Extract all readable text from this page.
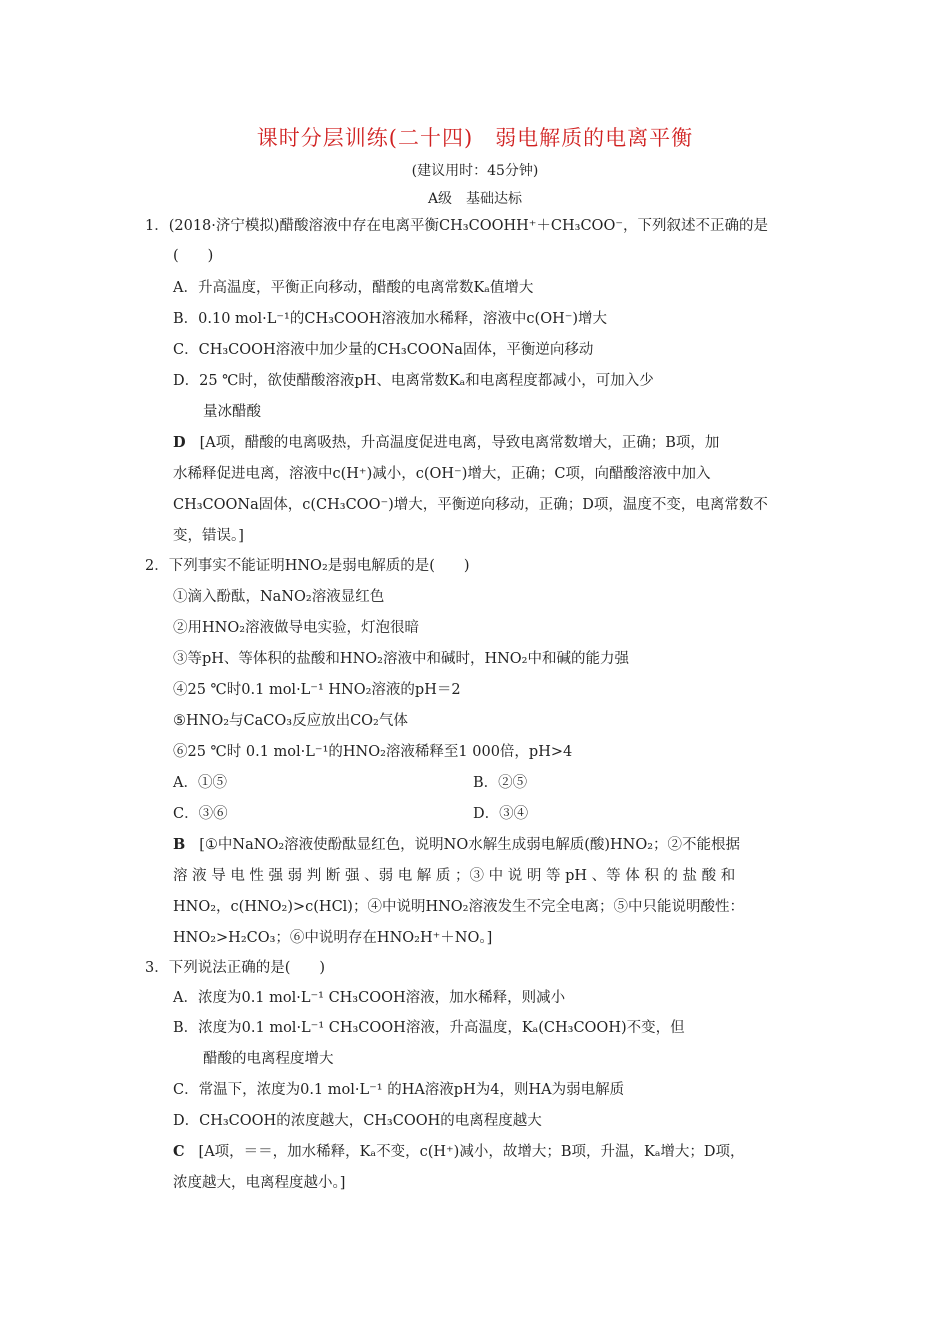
课时分层训练(二十四)　弱电解质的电离平衡
(建议用时：45分钟)
A级　基础达标
1．(2018·济宁模拟)醋酸溶液中存在电离平衡CH₃COOHH⁺＋CH₃COO⁻，下列叙述不正确的是
(　　)
A．升高温度，平衡正向移动，醋酸的电离常数Kₐ值增大
B．0.10 mol·L⁻¹的CH₃COOH溶液加水稀释，溶液中c(OH⁻)增大
C．CH₃COOH溶液中加少量的CH₃COONa固体，平衡逆向移动
D．25 ℃时，欲使醋酸溶液pH、电离常数Kₐ和电离程度都减小，可加入少
量冰醋酸
D [A项，醋酸的电离吸热，升高温度促进电离，导致电离常数增大，正确；B项，加
水稀释促进电离，溶液中c(H⁺)减小，c(OH⁻)增大，正确；C项，向醋酸溶液中加入
CH₃COONa固体，c(CH₃COO⁻)增大，平衡逆向移动，正确；D项，温度不变，电离常数不
变，错误。]
2．下列事实不能证明HNO₂是弱电解质的是(　　)
①滴入酚酞，NaNO₂溶液显红色
②用HNO₂溶液做导电实验，灯泡很暗
③等pH、等体积的盐酸和HNO₂溶液中和碱时，HNO₂中和碱的能力强
④25 ℃时0.1 mol·L⁻¹ HNO₂溶液的pH＝2
⑤HNO₂与CaCO₃反应放出CO₂气体
⑥25 ℃时 0.1 mol·L⁻¹的HNO₂溶液稀释至1 000倍，pH>4
A．①⑤	B．②⑤
C．③⑥	D．③④
B [①中NaNO₂溶液使酚酞显红色，说明NO水解生成弱电解质(酸)HNO₂；②不能根据
溶 液 导 电 性 强 弱 判 断 强 、弱 电 解 质 ；③ 中 说 明 等 pH 、等 体 积 的 盐 酸 和
HNO₂，c(HNO₂)>c(HCl)；④中说明HNO₂溶液发生不完全电离；⑤中只能说明酸性：
HNO₂>H₂CO₃；⑥中说明存在HNO₂H⁺＋NO。]
3．下列说法正确的是(　　)
A．浓度为0.1 mol·L⁻¹ CH₃COOH溶液，加水稀释，则减小
B．浓度为0.1 mol·L⁻¹ CH₃COOH溶液，升高温度，Kₐ(CH₃COOH)不变，但
醋酸的电离程度增大
C．常温下，浓度为0.1 mol·L⁻¹ 的HA溶液pH为4，则HA为弱电解质
D．CH₃COOH的浓度越大，CH₃COOH的电离程度越大
C [A项，＝＝，加水稀释，Kₐ不变，c(H⁺)减小，故增大；B项，升温，Kₐ增大；D项，
浓度越大，电离程度越小。]
